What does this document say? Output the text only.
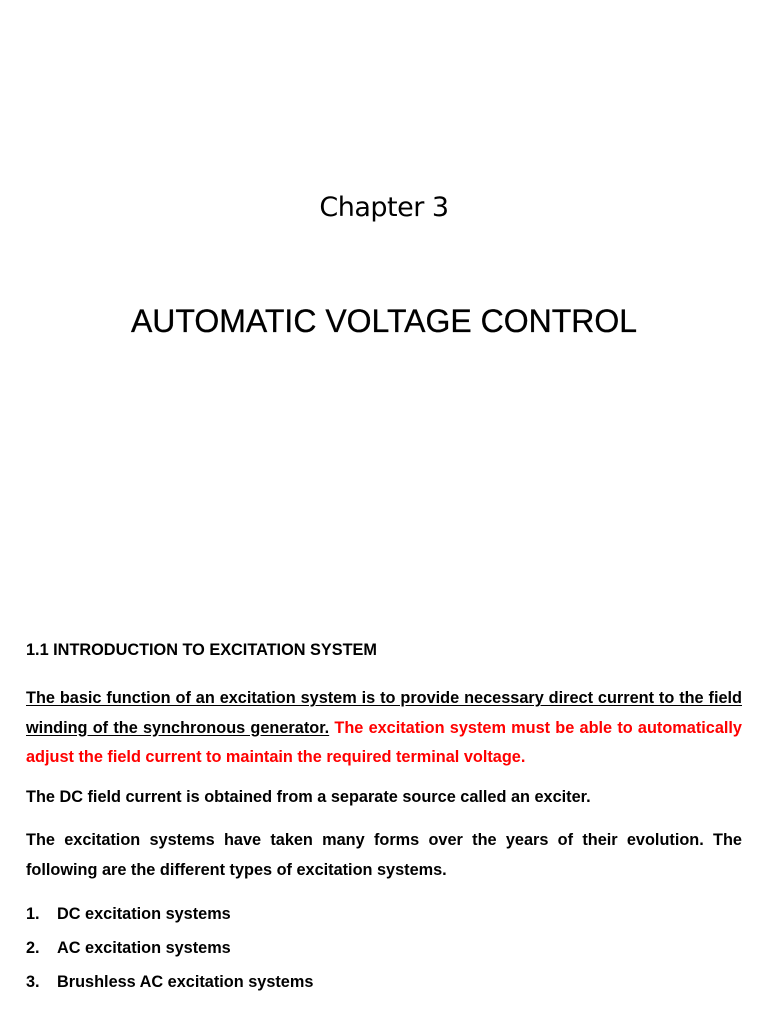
Chapter 3
AUTOMATIC VOLTAGE CONTROL
1.1 INTRODUCTION TO EXCITATION SYSTEM

The basic function of an excitation system is to provide necessary direct current to the field winding of the synchronous generator. The excitation system must be able to automatically adjust the field current to maintain the required terminal voltage.

The DC field current is obtained from a separate source called an exciter.

The excitation systems have taken many forms over the years of their evolution. The following are the different types of excitation systems.

1.	DC excitation systems
2.	AC excitation systems
3.	Brushless AC excitation systems
